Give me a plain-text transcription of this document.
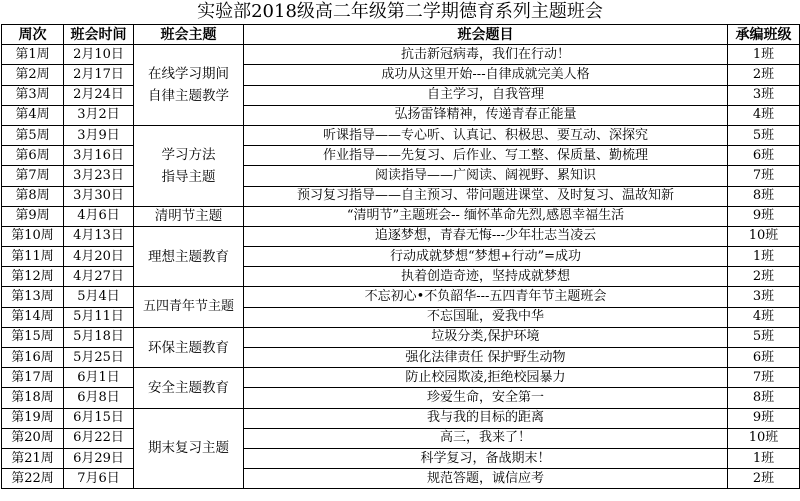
实验部2018级高二年级第二学期德育系列主题班会
周次	班会时间	班会主题	班会题目	承编班级
第1周	2月10日	在线学习期间自律主题教学	抗击新冠病毒，我们在行动！	1班
第2周	2月17日		成功从这里开始---自律成就完美人格	2班
第3周	2月24日		自主学习，自我管理	3班
第4周	3月2日		弘扬雷锋精神，传递青春正能量	4班
第5周	3月9日	学习方法指导主题	听课指导——专心听、认真记、积极思、要互动、深探究	5班
第6周	3月16日		作业指导——先复习、后作业、写工整、保质量、勤梳理	6班
第7周	3月23日		阅读指导——广阅读、阔视野、累知识	7班
第8周	3月30日		预习复习指导——自主预习、带问题进课堂、及时复习、温故知新	8班
第9周	4月6日	清明节主题	“清明节”主题班会-- 缅怀革命先烈,感恩幸福生活	9班
第10周	4月13日	理想主题教育	追逐梦想，青春无悔---少年壮志当凌云	10班
第11周	4月20日		行动成就梦想“梦想+行动”=成功	1班
第12周	4月27日		执着创造奇迹，坚持成就梦想	2班
第13周	5月4日	五四青年节主题	不忘初心•不负韶华---五四青年节主题班会	3班
第14周	5月11日		不忘国耻，爱我中华	4班
第15周	5月18日	环保主题教育	垃圾分类,保护环境	5班
第16周	5月25日		强化法律责任 保护野生动物	6班
第17周	6月1日	安全主题教育	防止校园欺凌,拒绝校园暴力	7班
第18周	6月8日		珍爱生命，安全第一	8班
第19周	6月15日	期末复习主题	我与我的目标的距离	9班
第20周	6月22日		高三，我来了！	10班
第21周	6月29日		科学复习，备战期末！	1班
第22周	7月6日		规范答题，诚信应考	2班
